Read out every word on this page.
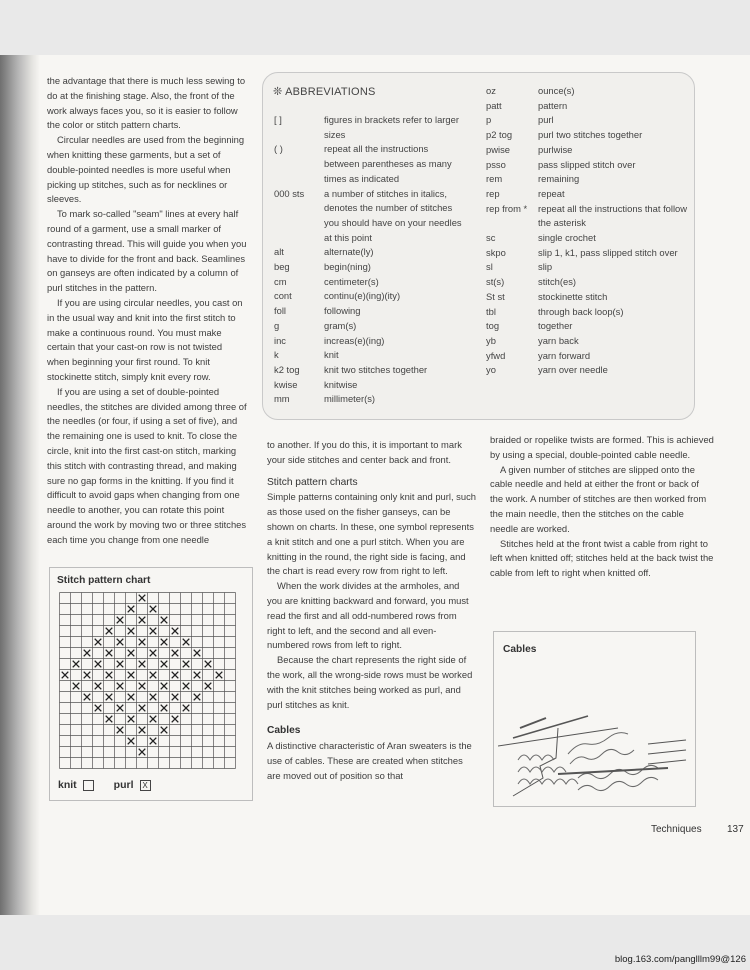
the advantage that there is much less sewing to do at the finishing stage. Also, the front of the work always faces you, so it is easier to follow the color or stitch pattern charts.

Circular needles are used from the beginning when knitting these garments, but a set of double-pointed needles is more useful when picking up stitches, such as for necklines or sleeves.

To mark so-called "seam" lines at every half round of a garment, use a small marker of contrasting thread. This will guide you when you have to divide for the front and back. Seamlines on ganseys are often indicated by a column of purl stitches in the pattern.

If you are using circular needles, you cast on in the usual way and knit into the first stitch to make a continuous round. You must make certain that your cast-on row is not twisted when beginning your first round. To knit stockinette stitch, simply knit every row.

If you are using a set of double-pointed needles, the stitches are divided among three of the needles (or four, if using a set of five), and the remaining one is used to knit. To close the circle, knit into the first cast-on stitch, marking this stitch with contrasting thread, and making sure no gap forms in the knitting. If you find it difficult to avoid gaps when changing from one needle to another, you can rotate this point around the work by moving two or three stitches each time you change from one needle

❊ ABBREVIATIONS
[ ]	figures in brackets refer to larger sizes
( )	repeat all the instructions between parentheses as many times as indicated
000 sts	a number of stitches in italics, denotes the number of stitches you should have on your needles at this point
alt	alternate(ly)
beg	begin(ning)
cm	centimeter(s)
cont	continu(e)(ing)(ity)
foll	following
g	gram(s)
inc	increas(e)(ing)
k	knit
k2 tog	knit two stitches together
kwise	knitwise
mm	millimeter(s)
oz	ounce(s)
patt	pattern
p	purl
p2 tog	purl two stitches together
pwise	purlwise
psso	pass slipped stitch over
rem	remaining
rep	repeat
rep from *	repeat all the instructions that follow the asterisk
sc	single crochet
skpo	slip 1, k1, pass slipped stitch over
sl	slip
st(s)	stitch(es)
St st	stockinette stitch
tbl	through back loop(s)
tog	together
yb	yarn back
yfwd	yarn forward
yo	yarn over needle

to another. If you do this, it is important to mark your side stitches and center back and front.

Stitch pattern charts

Simple patterns containing only knit and purl, such as those used on the fisher ganseys, can be shown on charts. In these, one symbol represents a knit stitch and one a purl stitch. When you are knitting in the round, the right side is facing, and the chart is read every row from right to left.

When the work divides at the armholes, and you are knitting backward and forward, you must read the first and all odd-numbered rows from right to left, and the second and all even-numbered rows from left to right.

Because the chart represents the right side of the work, all the wrong-side rows must be worked with the knit stitches being worked as purl, and purl stitches as knit.

Cables

A distinctive characteristic of Aran sweaters is the use of cables. These are created when stitches are moved out of position so that

braided or ropelike twists are formed. This is achieved by using a special, double-pointed cable needle.

A given number of stitches are slipped onto the cable needle and held at either the front or back of the work. A number of stitches are then worked from the main needle, then the stitches on the cable needle are worked.

Stitches held at the front twist a cable from right to left when knitted off; stitches held at the back twist the cable from left to right when knitted off.

Stitch pattern chart
knit	purl	X
Cables
Techniques	137
blog.163.com/panglllm99@126
